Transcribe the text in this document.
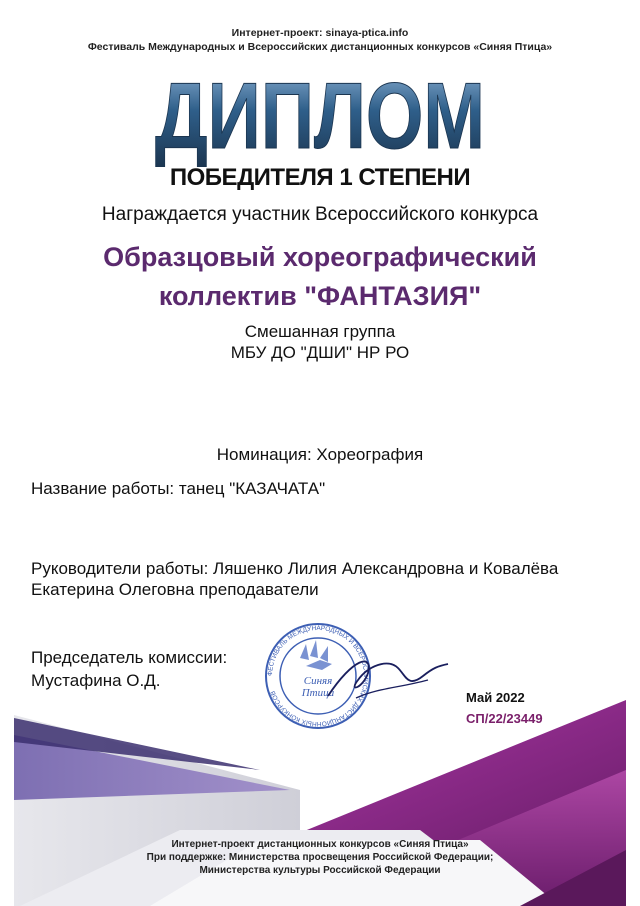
Интернет-проект: sinaya-ptica.info
Фестиваль Международных и Всероссийских дистанционных конкурсов «Синяя Птица»
ДИПЛОМ
ПОБЕДИТЕЛЯ 1 СТЕПЕНИ
Награждается участник Всероссийского конкурса
Образцовый хореографический
коллектив "ФАНТАЗИЯ"
Смешанная группа
МБУ ДО "ДШИ" НР РО
Номинация: Хореография
Название работы: танец "КАЗАЧАТА"
Руководители работы: Ляшенко Лилия Александровна и Ковалёва
Екатерина Олеговна преподаватели
Председатель комиссии:
Мустафина О.Д.	ФЕСТИВАЛЬ МЕЖДУНАРОДНЫХ И ВСЕРОССИЙСКИХ ДИСТАНЦИОННЫХ КОНКУРСОВ
Синяя
Птица	Май 2022
СП/22/23449
Интернет-проект дистанционных конкурсов «Синяя Птица»
При поддержке: Министерства просвещения Российской Федерации;
Министерства культуры Российской Федерации
